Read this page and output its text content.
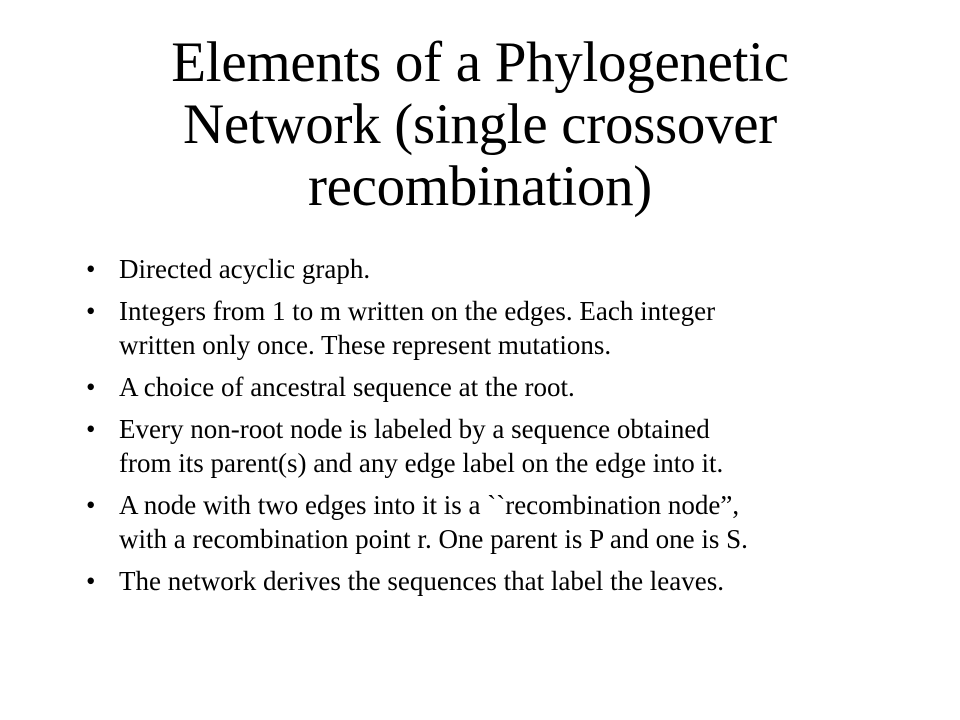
Elements of a Phylogenetic
Network (single crossover
recombination)
• Directed acyclic graph.
• Integers from 1 to m written on the edges. Each integer
written only once. These represent mutations.
• A choice of ancestral sequence at the root.
• Every non-root node is labeled by a sequence obtained
from its parent(s) and any edge label on the edge into it.
• A node with two edges into it is a ``recombination node”,
with a recombination point r. One parent is P and one is S.
• The network derives the sequences that label the leaves.
